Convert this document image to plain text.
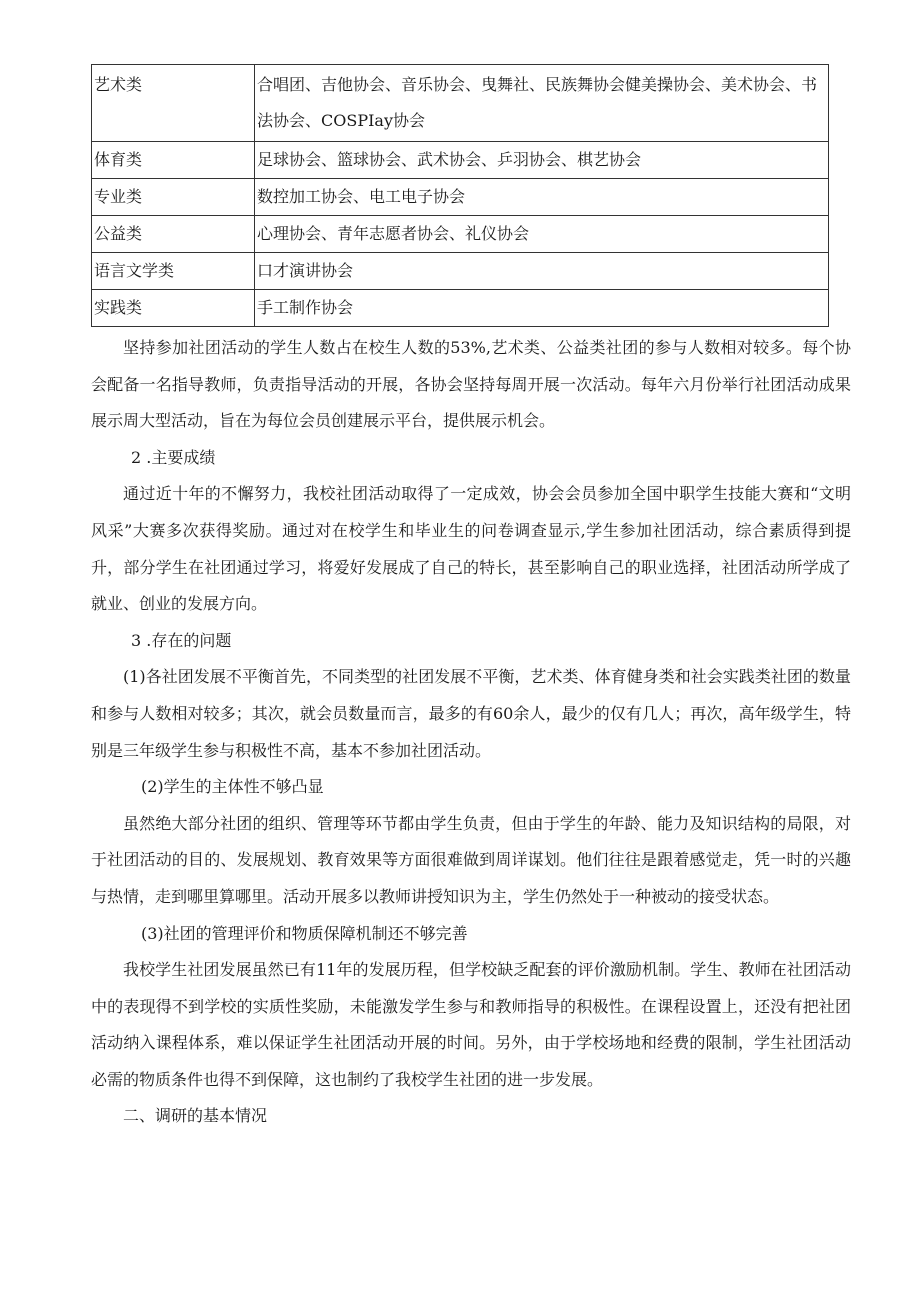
艺术类	合唱团、吉他协会、音乐协会、曳舞社、民族舞协会健美操协会、美术协会、书法协会、COSPIay协会
体育类	足球协会、篮球协会、武术协会、乒羽协会、棋艺协会
专业类	数控加工协会、电工电子协会
公益类	心理协会、青年志愿者协会、礼仪协会
语言文学类	口才演讲协会
实践类	手工制作协会

坚持参加社团活动的学生人数占在校生人数的53%,艺术类、公益类社团的参与人数相对较多。每个协会配备一名指导教师，负责指导活动的开展，各协会坚持每周开展一次活动。每年六月份举行社团活动成果展示周大型活动，旨在为每位会员创建展示平台，提供展示机会。

2 .主要成绩

通过近十年的不懈努力，我校社团活动取得了一定成效，协会会员参加全国中职学生技能大赛和“文明风采”大赛多次获得奖励。通过对在校学生和毕业生的问卷调查显示,学生参加社团活动，综合素质得到提升，部分学生在社团通过学习，将爱好发展成了自己的特长，甚至影响自己的职业选择，社团活动所学成了就业、创业的发展方向。

3 .存在的问题

(1)各社团发展不平衡首先，不同类型的社团发展不平衡，艺术类、体育健身类和社会实践类社团的数量和参与人数相对较多；其次，就会员数量而言，最多的有60余人，最少的仅有几人；再次，高年级学生，特别是三年级学生参与积极性不高，基本不参加社团活动。

(2)学生的主体性不够凸显

虽然绝大部分社团的组织、管理等环节都由学生负责，但由于学生的年龄、能力及知识结构的局限，对于社团活动的目的、发展规划、教育效果等方面很难做到周详谋划。他们往往是跟着感觉走，凭一时的兴趣与热情，走到哪里算哪里。活动开展多以教师讲授知识为主，学生仍然处于一种被动的接受状态。

(3)社团的管理评价和物质保障机制还不够完善

我校学生社团发展虽然已有11年的发展历程，但学校缺乏配套的评价激励机制。学生、教师在社团活动中的表现得不到学校的实质性奖励，未能激发学生参与和教师指导的积极性。在课程设置上，还没有把社团活动纳入课程体系，难以保证学生社团活动开展的时间。另外，由于学校场地和经费的限制，学生社团活动必需的物质条件也得不到保障，这也制约了我校学生社团的进一步发展。

二、调研的基本情况
